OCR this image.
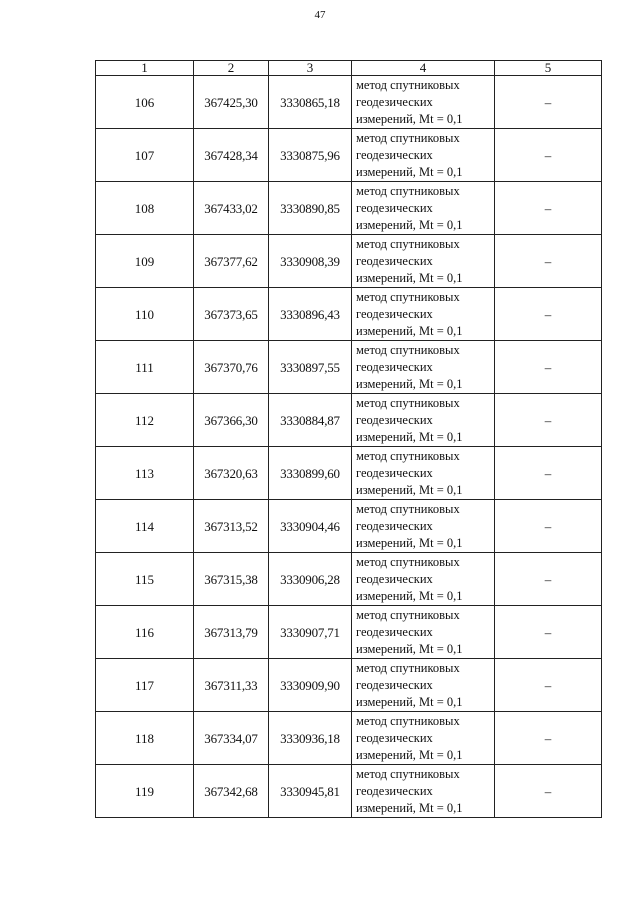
47
1	2	3	4	5
106	367425,30	3330865,18	метод спутниковых
геодезических
измерений, Mt = 0,1	–
107	367428,34	3330875,96	метод спутниковых
геодезических
измерений, Mt = 0,1	–
108	367433,02	3330890,85	метод спутниковых
геодезических
измерений, Mt = 0,1	–
109	367377,62	3330908,39	метод спутниковых
геодезических
измерений, Mt = 0,1	–
110	367373,65	3330896,43	метод спутниковых
геодезических
измерений, Mt = 0,1	–
111	367370,76	3330897,55	метод спутниковых
геодезических
измерений, Mt = 0,1	–
112	367366,30	3330884,87	метод спутниковых
геодезических
измерений, Mt = 0,1	–
113	367320,63	3330899,60	метод спутниковых
геодезических
измерений, Mt = 0,1	–
114	367313,52	3330904,46	метод спутниковых
геодезических
измерений, Mt = 0,1	–
115	367315,38	3330906,28	метод спутниковых
геодезических
измерений, Mt = 0,1	–
116	367313,79	3330907,71	метод спутниковых
геодезических
измерений, Mt = 0,1	–
117	367311,33	3330909,90	метод спутниковых
геодезических
измерений, Mt = 0,1	–
118	367334,07	3330936,18	метод спутниковых
геодезических
измерений, Mt = 0,1	–
119	367342,68	3330945,81	метод спутниковых
геодезических
измерений, Mt = 0,1	–
